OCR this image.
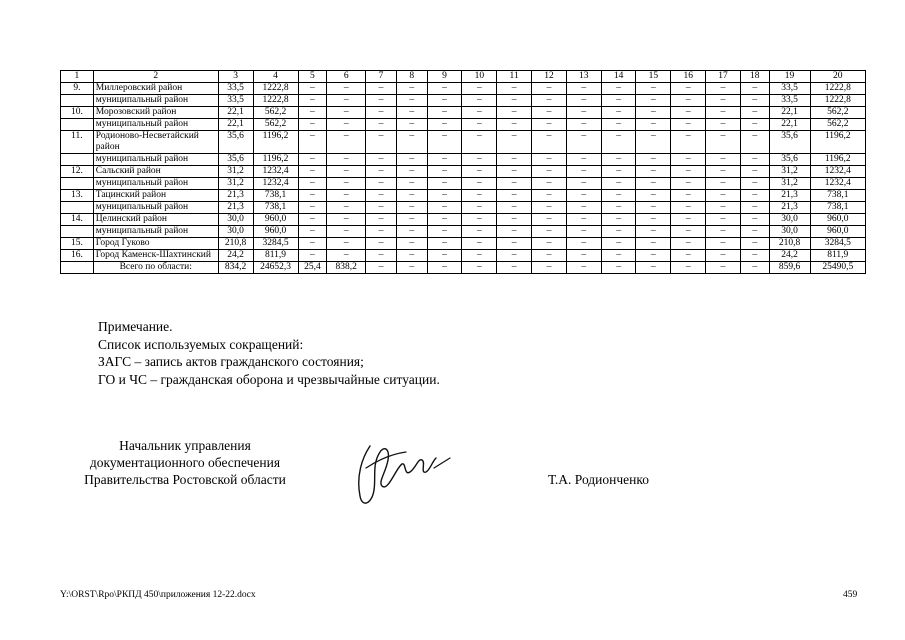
1	2	3	4	5	6	7	8	9	10	11	12	13	14	15	16	17	18	19	20
9.	Миллеровский район	33,5	1222,8	–	–	–	–	–	–	–	–	–	–	–	–	–	–	33,5	1222,8
	муниципальный район	33,5	1222,8	–	–	–	–	–	–	–	–	–	–	–	–	–	–	33,5	1222,8
10.	Морозовский район	22,1	562,2	–	–	–	–	–	–	–	–	–	–	–	–	–	–	22,1	562,2
	муниципальный район	22,1	562,2	–	–	–	–	–	–	–	–	–	–	–	–	–	–	22,1	562,2
11.	Родионово-Несветайский район	35,6	1196,2	–	–	–	–	–	–	–	–	–	–	–	–	–	–	35,6	1196,2
	муниципальный район	35,6	1196,2	–	–	–	–	–	–	–	–	–	–	–	–	–	–	35,6	1196,2
12.	Сальский район	31,2	1232,4	–	–	–	–	–	–	–	–	–	–	–	–	–	–	31,2	1232,4
	муниципальный район	31,2	1232,4	–	–	–	–	–	–	–	–	–	–	–	–	–	–	31,2	1232,4
13.	Тацинский район	21,3	738,1	–	–	–	–	–	–	–	–	–	–	–	–	–	–	21,3	738,1
	муниципальный район	21,3	738,1	–	–	–	–	–	–	–	–	–	–	–	–	–	–	21,3	738,1
14.	Целинский район	30,0	960,0	–	–	–	–	–	–	–	–	–	–	–	–	–	–	30,0	960,0
	муниципальный район	30,0	960,0	–	–	–	–	–	–	–	–	–	–	–	–	–	–	30,0	960,0
15.	Город Гуково	210,8	3284,5	–	–	–	–	–	–	–	–	–	–	–	–	–	–	210,8	3284,5
16.	Город Каменск-Шахтинский	24,2	811,9	–	–	–	–	–	–	–	–	–	–	–	–	–	–	24,2	811,9
	Всего по области:	834,2	24652,3	25,4	838,2	–	–	–	–	–	–	–	–	–	–	–	–	859,6	25490,5
Примечание.
Список используемых сокращений:
ЗАГС – запись актов гражданского состояния;
ГО и ЧС – гражданская оборона и чрезвычайные ситуации.
Начальник управления
документационного обеспечения
Правительства Ростовской области	Т.А. Родионченко
Y:\ORST\Rpo\РКПД 450\приложения 12-22.docx	459
